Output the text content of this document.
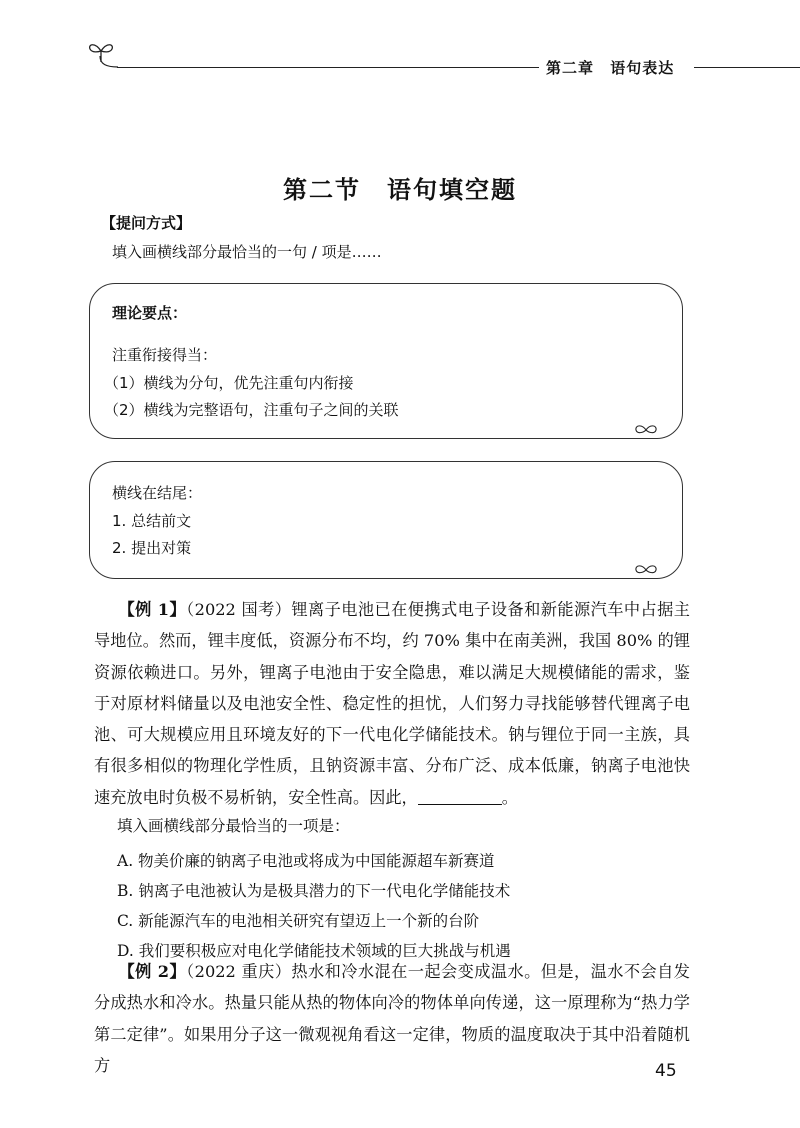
第二章 语句表达
第二节　语句填空题
【提问方式】
填入画横线部分最恰当的一句 / 项是……
理论要点：
注重衔接得当：
（1）横线为分句，优先注重句内衔接
（2）横线为完整语句，注重句子之间的关联
横线在结尾：
1. 总结前文
2. 提出对策
【例 1】（2022 国考）锂离子电池已在便携式电子设备和新能源汽车中占据主导地位。然而，锂丰度低，资源分布不均，约 70% 集中在南美洲，我国 80% 的锂资源依赖进口。另外，锂离子电池由于安全隐患，难以满足大规模储能的需求，鉴于对原材料储量以及电池安全性、稳定性的担忧，人们努力寻找能够替代锂离子电池、可大规模应用且环境友好的下一代电化学储能技术。钠与锂位于同一主族，具有很多相似的物理化学性质，且钠资源丰富、分布广泛、成本低廉，钠离子电池快速充放电时负极不易析钠，安全性高。因此，	。
填入画横线部分最恰当的一项是：
A. 物美价廉的钠离子电池或将成为中国能源超车新赛道
B. 钠离子电池被认为是极具潜力的下一代电化学储能技术
C. 新能源汽车的电池相关研究有望迈上一个新的台阶
D. 我们要积极应对电化学储能技术领域的巨大挑战与机遇
【例 2】（2022 重庆）热水和冷水混在一起会变成温水。但是，温水不会自发分成热水和冷水。热量只能从热的物体向冷的物体单向传递，这一原理称为“热力学第二定律”。如果用分子这一微观视角看这一定律，物质的温度取决于其中沿着随机方	45
